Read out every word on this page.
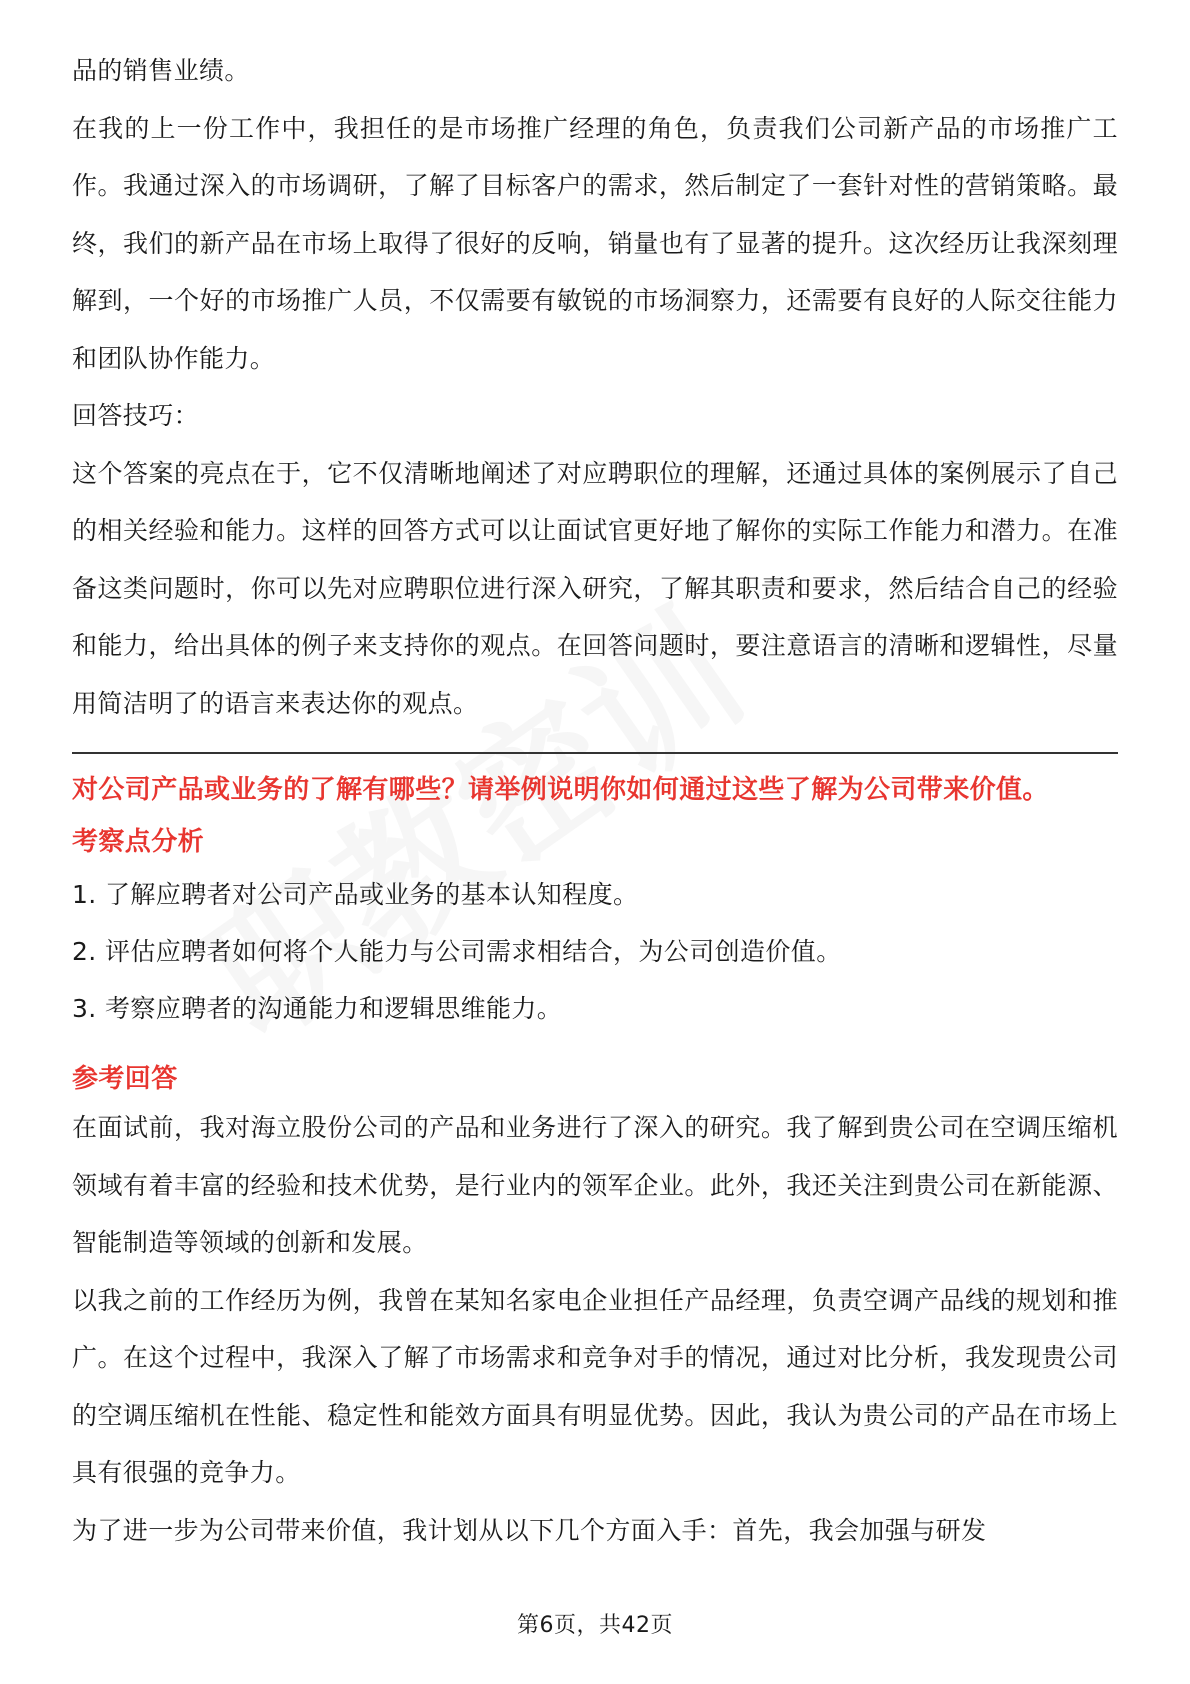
品的销售业绩。

在我的上一份工作中，我担任的是市场推广经理的角色，负责我们公司新产品的市场推广工作。我通过深入的市场调研，了解了目标客户的需求，然后制定了一套针对性的营销策略。最终，我们的新产品在市场上取得了很好的反响，销量也有了显著的提升。这次经历让我深刻理解到，一个好的市场推广人员，不仅需要有敏锐的市场洞察力，还需要有良好的人际交往能力和团队协作能力。

回答技巧：

这个答案的亮点在于，它不仅清晰地阐述了对应聘职位的理解，还通过具体的案例展示了自己的相关经验和能力。这样的回答方式可以让面试官更好地了解你的实际工作能力和潜力。在准备这类问题时，你可以先对应聘职位进行深入研究，了解其职责和要求，然后结合自己的经验和能力，给出具体的例子来支持你的观点。在回答问题时，要注意语言的清晰和逻辑性，尽量用简洁明了的语言来表达你的观点。

对公司产品或业务的了解有哪些？请举例说明你如何通过这些了解为公司带来价值。

考察点分析

1. 了解应聘者对公司产品或业务的基本认知程度。

2. 评估应聘者如何将个人能力与公司需求相结合，为公司创造价值。

3. 考察应聘者的沟通能力和逻辑思维能力。

参考回答

在面试前，我对海立股份公司的产品和业务进行了深入的研究。我了解到贵公司在空调压缩机领域有着丰富的经验和技术优势，是行业内的领军企业。此外，我还关注到贵公司在新能源、智能制造等领域的创新和发展。

以我之前的工作经历为例，我曾在某知名家电企业担任产品经理，负责空调产品线的规划和推广。在这个过程中，我深入了解了市场需求和竞争对手的情况，通过对比分析，我发现贵公司的空调压缩机在性能、稳定性和能效方面具有明显优势。因此，我认为贵公司的产品在市场上具有很强的竞争力。

为了进一步为公司带来价值，我计划从以下几个方面入手：首先，我会加强与研发

第6页，共42页
